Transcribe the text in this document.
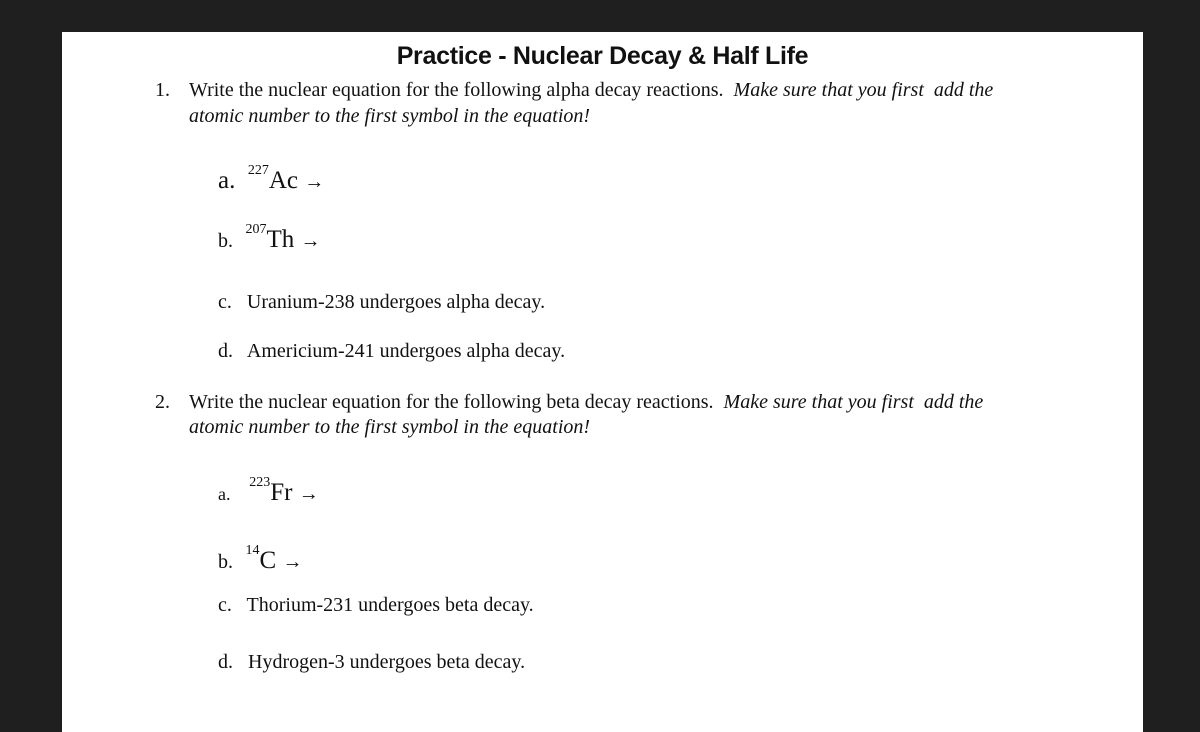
Practice - Nuclear Decay & Half Life
1. Write the nuclear equation for the following alpha decay reactions. Make sure that you first  add the
atomic number to the first symbol in the equation!
a. $^{227}$Ac →
b.  $^{207}$Th →
c. Uranium-238 undergoes alpha decay.
d. Americium-241 undergoes alpha decay.
2. Write the nuclear equation for the following beta decay reactions. Make sure that you first  add the
atomic number to the first symbol in the equation!
a.   $^{223}$Fr →
b.  $^{14}$C →
c. Thorium-231 undergoes beta decay.
d. Hydrogen-3 undergoes beta decay.
